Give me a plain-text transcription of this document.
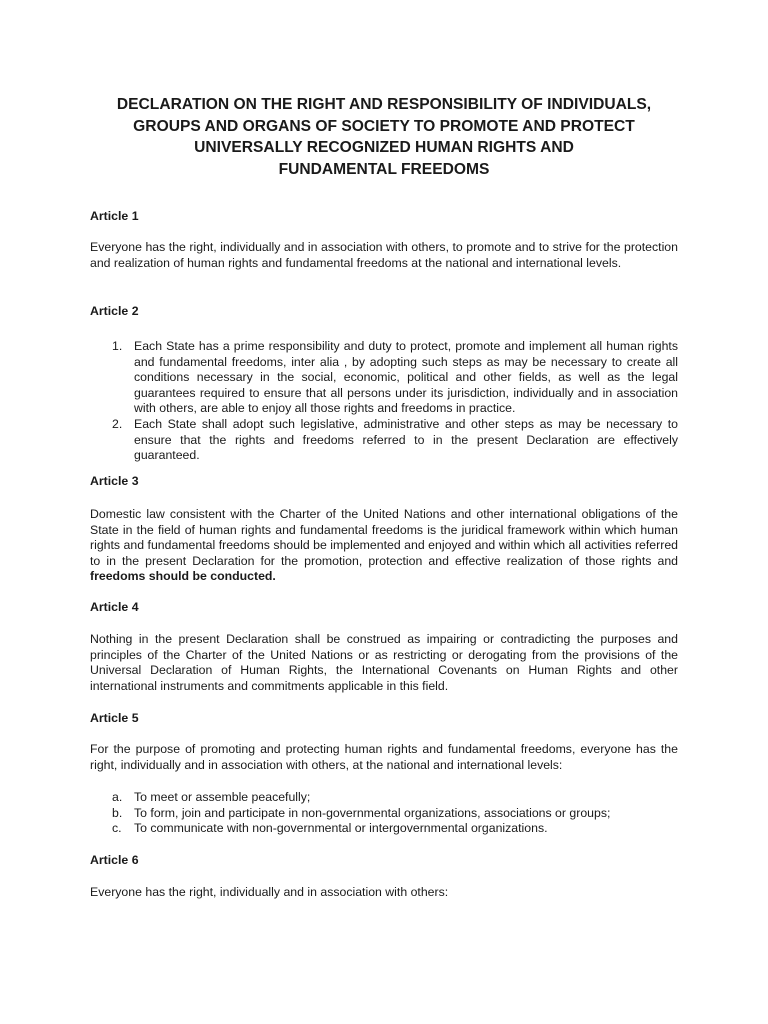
DECLARATION ON THE RIGHT AND RESPONSIBILITY OF INDIVIDUALS,
GROUPS AND ORGANS OF SOCIETY TO PROMOTE AND PROTECT
UNIVERSALLY RECOGNIZED HUMAN RIGHTS AND
FUNDAMENTAL FREEDOMS
Article 1

Everyone has the right, individually and in association with others, to promote and to strive for the protection and realization of human rights and fundamental freedoms at the national and international levels.

Article 2
1. Each State has a prime responsibility and duty to protect, promote and implement all human rights and fundamental freedoms, inter alia , by adopting such steps as may be necessary to create all conditions necessary in the social, economic, political and other fields, as well as the legal guarantees required to ensure that all persons under its jurisdiction, individually and in association with others, are able to enjoy all those rights and freedoms in practice.
2. Each State shall adopt such legislative, administrative and other steps as may be necessary to ensure that the rights and freedoms referred to in the present Declaration are effectively guaranteed.
Article 3

Domestic law consistent with the Charter of the United Nations and other international obligations of the State in the field of human rights and fundamental freedoms is the juridical framework within which human rights and fundamental freedoms should be implemented and enjoyed and within which all activities referred to in the present Declaration for the promotion, protection and effective realization of those rights and freedoms should be conducted.

Article 4

Nothing in the present Declaration shall be construed as impairing or contradicting the purposes and principles of the Charter of the United Nations or as restricting or derogating from the provisions of the Universal Declaration of Human Rights, the International Covenants on Human Rights and other international instruments and commitments applicable in this field.

Article 5

For the purpose of promoting and protecting human rights and fundamental freedoms, everyone has the right, individually and in association with others, at the national and international levels:

a. To meet or assemble peacefully;
b. To form, join and participate in non-governmental organizations, associations or groups;
c. To communicate with non-governmental or intergovernmental organizations.
Article 6

Everyone has the right, individually and in association with others:
